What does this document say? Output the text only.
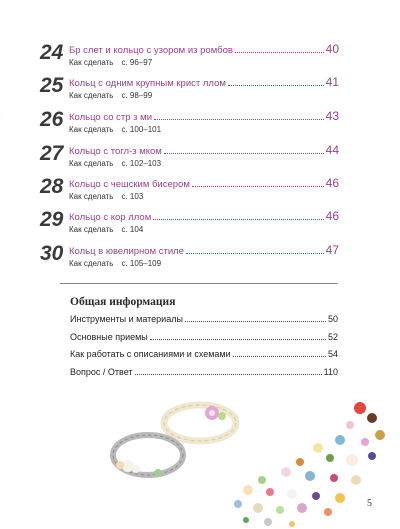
·
24 Бр слет и кольцо с узором из ромбов	40
Как сделать с. 96–97
25 Кольц с одним крупным крист ллом	41
Как сделать с. 98–99
26 Кольцо со стр з ми	43
Как сделать с. 100–101
27 Кольцо с тогл-з мком	44
Как сделать с. 102–103
28 Кольцо с чешским бисером	46
Как сделать с. 103
29 Кольцо с кор ллом	46
Как сделать с. 104
30 Кольц в ювелирном стиле	47
Как сделать с. 105–109
Общая информация
Инструменты и материалы	50
Основные приемы	52
Как работать с описаниями и схемами	54
Вопрос / Ответ	110
5
